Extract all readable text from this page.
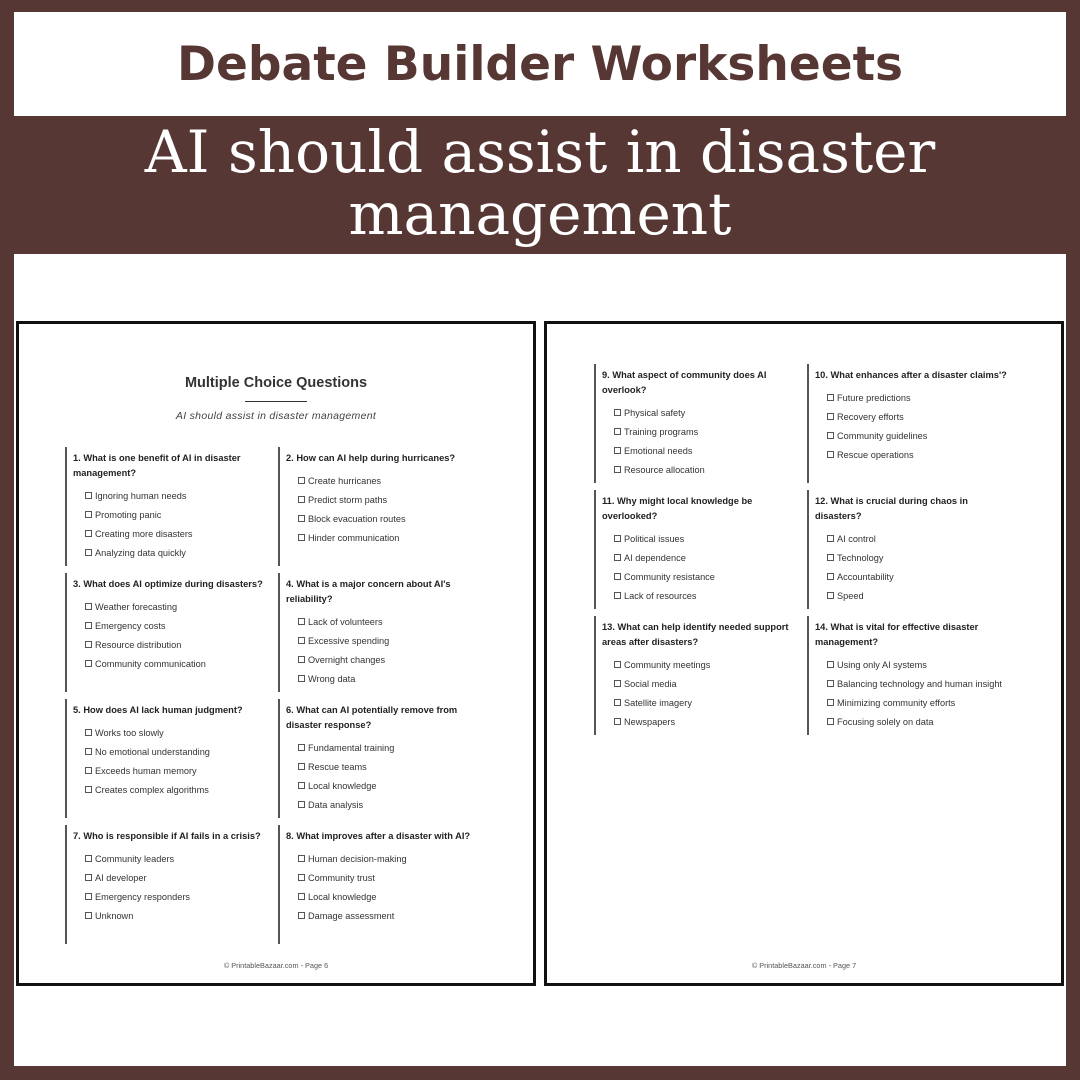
Debate Builder Worksheets
AI should assist in disaster management
Multiple Choice Questions
AI should assist in disaster management
1. What is one benefit of AI in disaster management?
Ignoring human needs
Promoting panic
Creating more disasters
Analyzing data quickly
2. How can AI help during hurricanes?
Create hurricanes
Predict storm paths
Block evacuation routes
Hinder communication
3. What does AI optimize during disasters?
Weather forecasting
Emergency costs
Resource distribution
Community communication
4. What is a major concern about AI's reliability?
Lack of volunteers
Excessive spending
Overnight changes
Wrong data
5. How does AI lack human judgment?
Works too slowly
No emotional understanding
Exceeds human memory
Creates complex algorithms
6. What can AI potentially remove from disaster response?
Fundamental training
Rescue teams
Local knowledge
Data analysis
7. Who is responsible if AI fails in a crisis?
Community leaders
AI developer
Emergency responders
Unknown
8. What improves after a disaster with AI?
Human decision-making
Community trust
Local knowledge
Damage assessment
© PrintableBazaar.com - Page 6
9. What aspect of community does AI overlook?
Physical safety
Training programs
Emotional needs
Resource allocation
10. What enhances after a disaster claims'?
Future predictions
Recovery efforts
Community guidelines
Rescue operations
11. Why might local knowledge be overlooked?
Political issues
AI dependence
Community resistance
Lack of resources
12. What is crucial during chaos in disasters?
AI control
Technology
Accountability
Speed
13. What can help identify needed support areas after disasters?
Community meetings
Social media
Satellite imagery
Newspapers
14. What is vital for effective disaster management?
Using only AI systems
Balancing technology and human insight
Minimizing community efforts
Focusing solely on data
© PrintableBazaar.com - Page 7
